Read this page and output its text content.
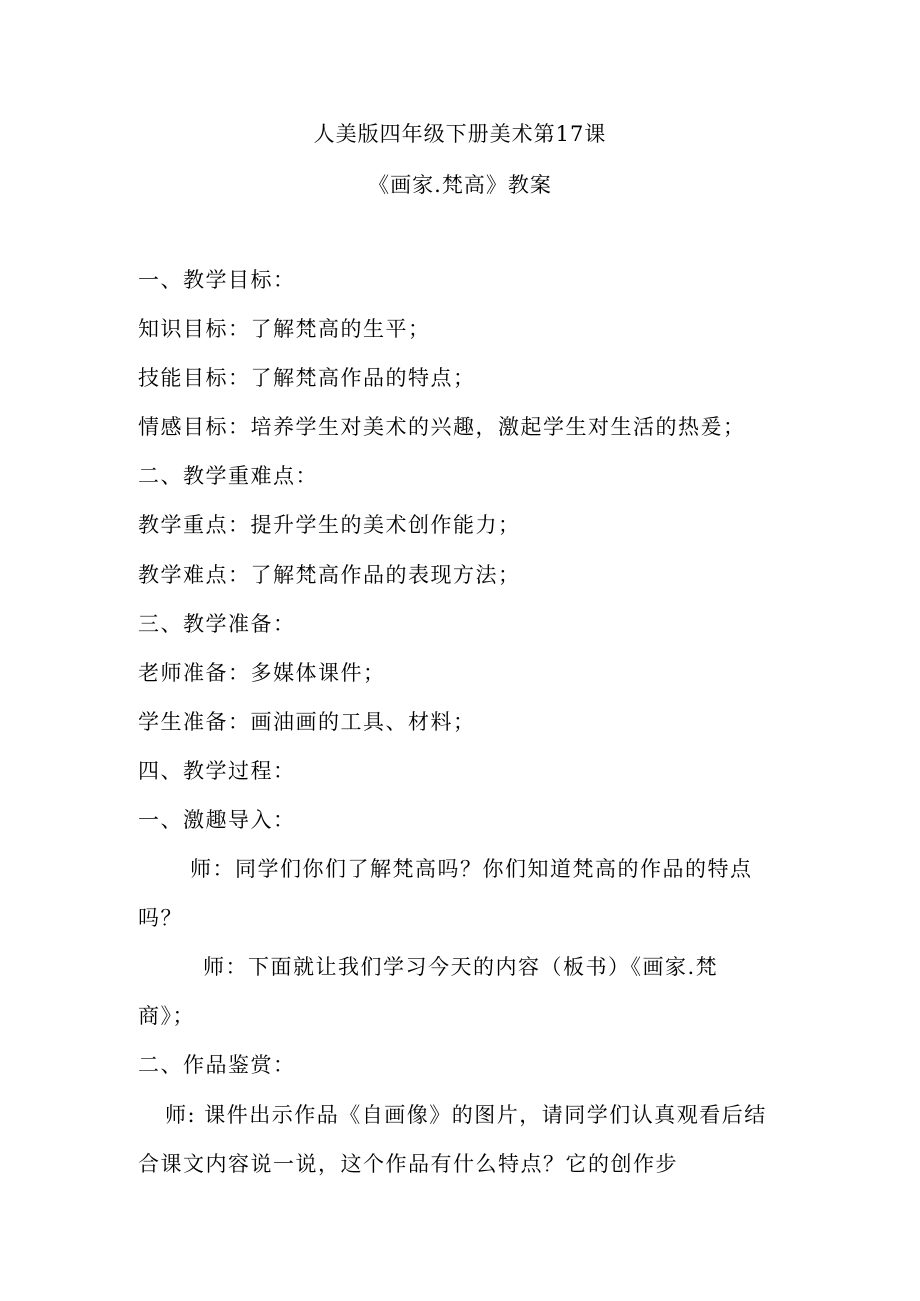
人美版四年级下册美术第17课
《画家.梵高》教案
一、教学目标：
知识目标：了解梵高的生平；
技能目标：了解梵高作品的特点；
情感目标：培养学生对美术的兴趣，激起学生对生活的热爰；
二、教学重难点：
教学重点：提升学生的美术创作能力；
教学难点：了解梵高作品的表现方法；
三、教学准备：
老师准备：多媒体课件；
学生准备：画油画的工具、材料；
四、教学过程：
一、激趣导入：
师：同学们你们了解梵高吗？你们知道梵高的作品的特点
吗？
师：下面就让我们学习今天的内容（板书）《画家.梵
商》；
二、作品鉴赏：
师: 课件出示作品《自画像》的图片，请同学们认真观看后结
合课文内容说一说，这个作品有什么特点？它的创作步
